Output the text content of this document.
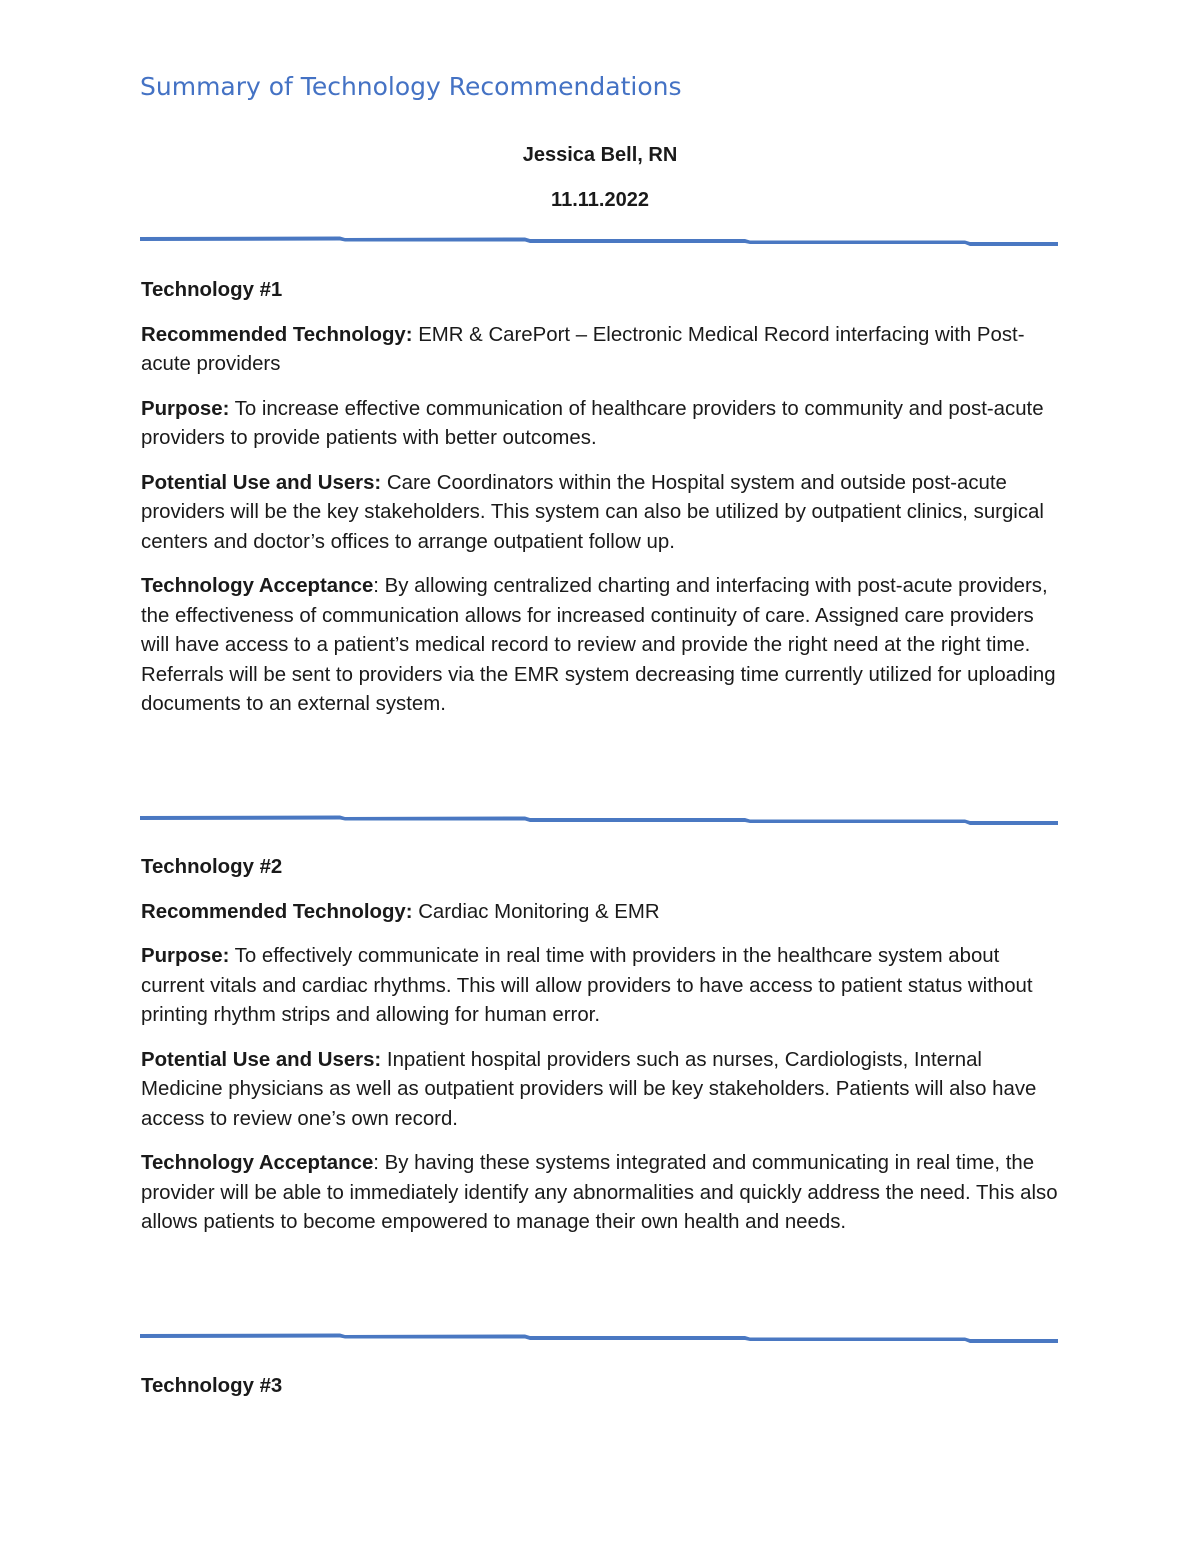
Summary of Technology Recommendations

Jessica Bell, RN

11.11.2022

Technology #1

Recommended Technology: EMR & CarePort – Electronic Medical Record interfacing with Post-acute providers

Purpose: To increase effective communication of healthcare providers to community and post-acute providers to provide patients with better outcomes.

Potential Use and Users: Care Coordinators within the Hospital system and outside post-acute providers will be the key stakeholders. This system can also be utilized by outpatient clinics, surgical centers and doctor’s offices to arrange outpatient follow up.

Technology Acceptance: By allowing centralized charting and interfacing with post-acute providers, the effectiveness of communication allows for increased continuity of care. Assigned care providers will have access to a patient’s medical record to review and provide the right need at the right time. Referrals will be sent to providers via the EMR system decreasing time currently utilized for uploading documents to an external system.

Technology #2

Recommended Technology: Cardiac Monitoring & EMR

Purpose: To effectively communicate in real time with providers in the healthcare system about current vitals and cardiac rhythms. This will allow providers to have access to patient status without printing rhythm strips and allowing for human error.

Potential Use and Users: Inpatient hospital providers such as nurses, Cardiologists, Internal Medicine physicians as well as outpatient providers will be key stakeholders. Patients will also have access to review one’s own record.

Technology Acceptance: By having these systems integrated and communicating in real time, the provider will be able to immediately identify any abnormalities and quickly address the need. This also allows patients to become empowered to manage their own health and needs.

Technology #3
